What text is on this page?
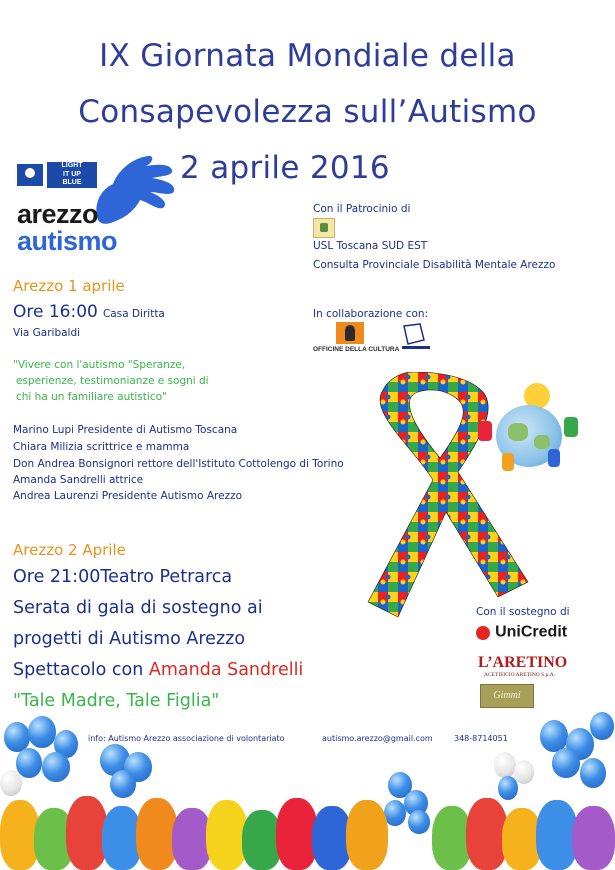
IX Giornata Mondiale della
Consapevolezza sull’Autismo
2 aprile 2016
LIGHT
IT UP
BLUE
arezzo
autismo
Con il Patrocinio di
USL Toscana SUD EST
Consulta Provinciale Disabilità Mentale Arezzo
In collaborazione con:
OFFICINE DELLA CULTURA
Arezzo 1 aprile
Ore 16:00 Casa Diritta
Via Garibaldi
"Vivere con l'autismo "Speranze,
esperienze, testimonianze e sogni di
chi ha un familiare autistico"
Marino Lupi Presidente di Autismo Toscana
Chiara Milizia scrittrice e mamma
Don Andrea Bonsignori rettore dell'Istituto Cottolengo di Torino
Amanda Sandrelli attrice
Andrea Laurenzi Presidente Autismo Arezzo
Arezzo 2 Aprile
Ore 21:00Teatro Petrarca
Serata di gala di sostegno ai
progetti di Autismo Arezzo
Spettacolo con Amanda Sandrelli
"Tale Madre, Tale Figlia"
Con il sostegno di
UniCredit
L’ARETINO
ACETIFICIO ARETINO S.p.A.
Gimmi
info: Autismo Arezzo associazione di volontariato	autismo.arezzo@gmail.com	348-8714051
